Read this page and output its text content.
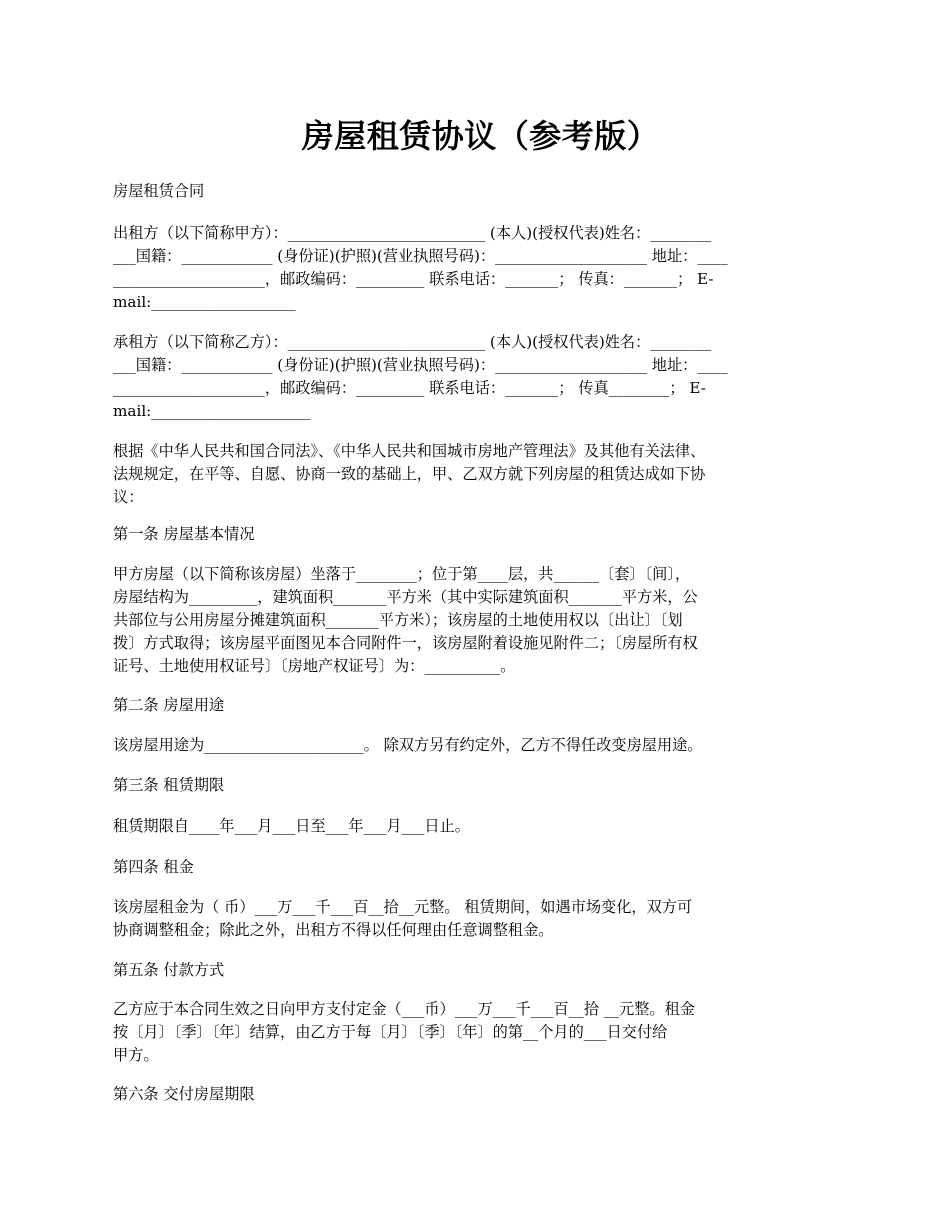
房屋租赁协议（参考版）
房屋租赁合同
出租方（以下简称甲方）：__________________________ (本人)(授权代表)姓名：________
___国籍：____________ (身份证)(护照)(营业执照号码)：____________________ 地址：____
____________________，邮政编码：_________ 联系电话：_______； 传真：_______； E-
mail:___________________
承租方（以下简称乙方）：__________________________ (本人)(授权代表)姓名：________
___国籍：____________ (身份证)(护照)(营业执照号码)：____________________ 地址：____
____________________，邮政编码：_________ 联系电话：_______； 传真________； E-
mail:_____________________
根据《中华人民共和国合同法》、《中华人民共和国城市房地产管理法》及其他有关法律、
法规规定，在平等、自愿、协商一致的基础上，甲、乙双方就下列房屋的租赁达成如下协
议：
第一条 房屋基本情况
甲方房屋（以下简称该房屋）坐落于________；位于第____层，共______〔套〕〔间〕，
房屋结构为_________，建筑面积_______平方米（其中实际建筑面积_______平方米，公
共部位与公用房屋分摊建筑面积_______平方米）；该房屋的土地使用权以〔出让〕〔划
拨〕方式取得；该房屋平面图见本合同附件一，该房屋附着设施见附件二；〔房屋所有权
证号、土地使用权证号〕〔房地产权证号〕为：__________。
第二条 房屋用途
该房屋用途为_____________________。 除双方另有约定外，乙方不得任改变房屋用途。
第三条 租赁期限
租赁期限自____年___月___日至___年___月___日止。
第四条 租金
该房屋租金为（ 币）___万___千___百__拾__元整。 租赁期间，如遇市场变化，双方可
协商调整租金；除此之外，出租方不得以任何理由任意调整租金。
第五条 付款方式
乙方应于本合同生效之日向甲方支付定金（___币）___万___千___百__拾 __元整。租金
按〔月〕〔季〕〔年〕结算，由乙方于每〔月〕〔季〕〔年〕的第__个月的___日交付给
甲方。
第六条 交付房屋期限
